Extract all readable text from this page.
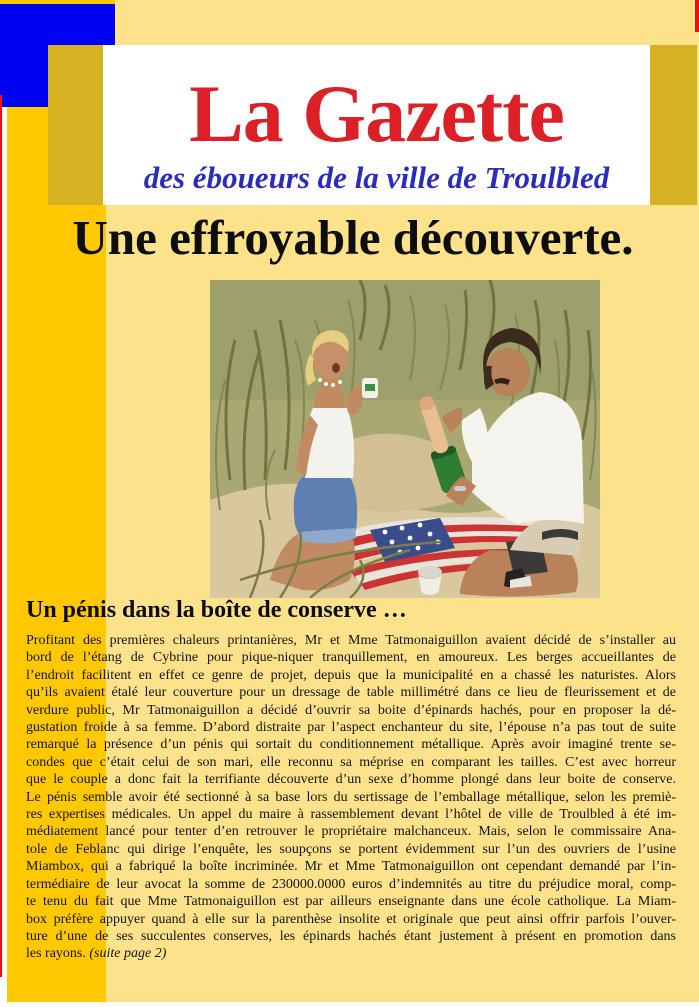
La Gazette
des éboueurs de la ville de Troulbled
Une effroyable découverte.
Un pénis dans la boîte de conserve …
Profitant des premières chaleurs printanières, Mr et Mme Tatmonaiguillon avaient décidé de s’installer au
bord de l’étang de Cybrine pour pique-niquer tranquillement, en amoureux. Les berges accueillantes de
l’endroit facilitent en effet ce genre de projet, depuis que la municipalité en a chassé les naturistes. Alors
qu’ils avaient étalé leur couverture pour un dressage de table millimétré dans ce lieu de fleurissement et de
verdure public, Mr Tatmonaiguillon a décidé d’ouvrir sa boite d’épinards hachés, pour en proposer la dé-
gustation froide à sa femme. D’abord distraite par l’aspect enchanteur du site, l’épouse n’a pas tout de suite
remarqué la présence d’un pénis qui sortait du conditionnement métallique. Après avoir imaginé trente se-
condes que c’était celui de son mari, elle reconnu sa méprise en comparant les tailles. C’est avec horreur
que le couple a donc fait la terrifiante découverte d’un sexe d’homme plongé dans leur boite de conserve.
Le pénis semble avoir été sectionné à sa base lors du sertissage de l’emballage métallique, selon les premiè-
res expertises médicales. Un appel du maire à rassemblement devant l’hôtel de ville de Troulbled à été im-
médiatement lancé pour tenter d’en retrouver le propriétaire malchanceux. Mais, selon le commissaire Ana-
tole de Feblanc qui dirige l’enquête, les soupçons se portent évidemment sur l’un des ouvriers de l’usine
Miambox, qui a fabriqué la boîte incriminée. Mr et Mme Tatmonaiguillon ont cependant demandé par l’in-
termédiaire de leur avocat la somme de 230000.0000 euros d’indemnités au titre du préjudice moral, comp-
te tenu du fait que Mme Tatmonaiguillon est par ailleurs enseignante dans une école catholique. La Miam-
box préfère appuyer quand à elle sur la parenthèse insolite et originale que peut ainsi offrir parfois l’ouver-
ture d’une de ses succulentes conserves, les épinards hachés étant justement à présent en promotion dans
les rayons. (suite page 2)
